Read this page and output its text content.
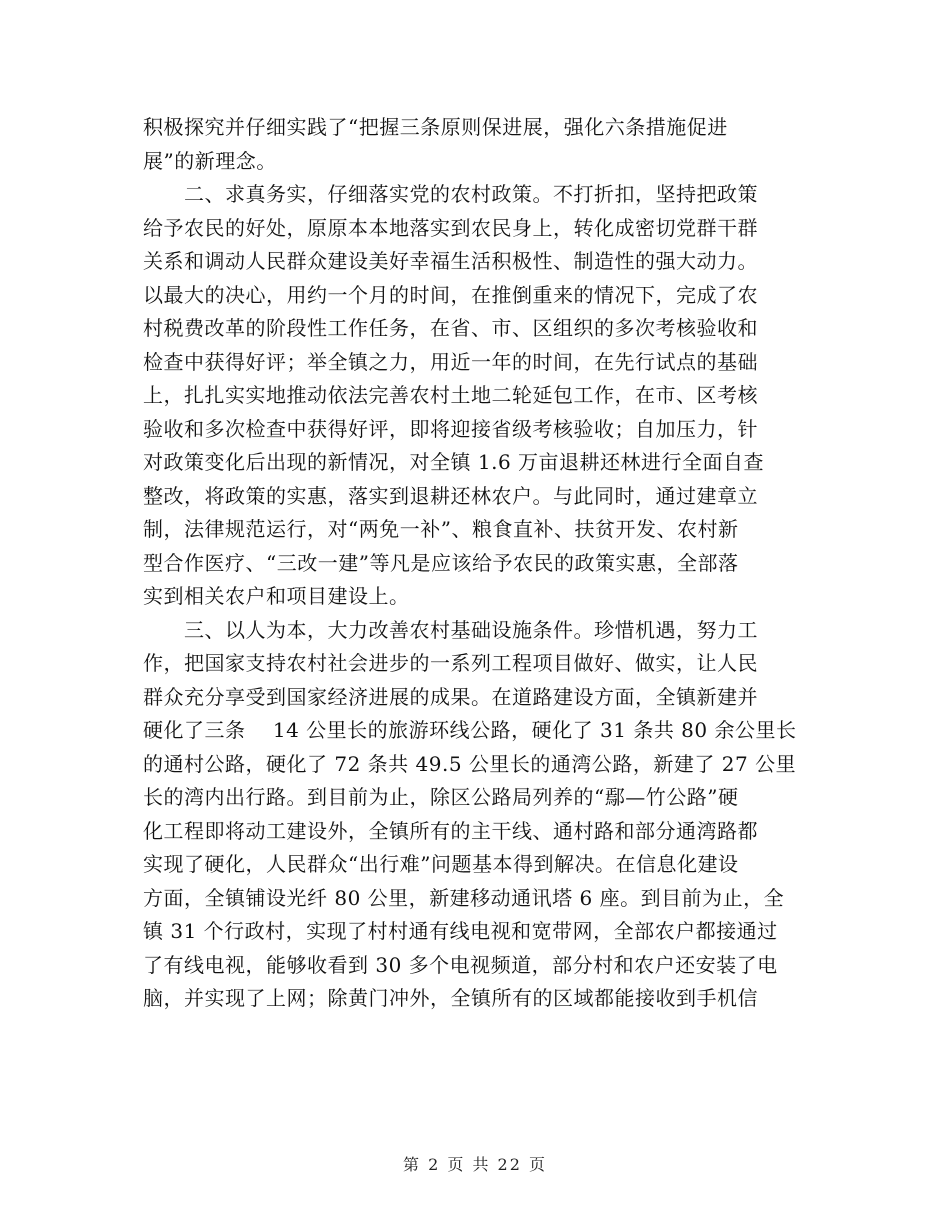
积极探究并仔细实践了“把握三条原则保进展，强化六条措施促进
展”的新理念。
　　二、求真务实，仔细落实党的农村政策。不打折扣，坚持把政策
给予农民的好处，原原本本地落实到农民身上，转化成密切党群干群
关系和调动人民群众建设美好幸福生活积极性、制造性的强大动力。
以最大的决心，用约一个月的时间，在推倒重来的情况下，完成了农
村税费改革的阶段性工作任务，在省、市、区组织的多次考核验收和
检查中获得好评；举全镇之力，用近一年的时间，在先行试点的基础
上，扎扎实实地推动依法完善农村土地二轮延包工作，在市、区考核
验收和多次检查中获得好评，即将迎接省级考核验收；自加压力，针
对政策变化后出现的新情况，对全镇 1.6 万亩退耕还林进行全面自查
整改，将政策的实惠，落实到退耕还林农户。与此同时，通过建章立
制，法律规范运行，对“两免一补”、粮食直补、扶贫开发、农村新
型合作医疗、“三改一建”等凡是应该给予农民的政策实惠，全部落
实到相关农户和项目建设上。
　　三、以人为本，大力改善农村基础设施条件。珍惜机遇，努力工
作，把国家支持农村社会进步的一系列工程项目做好、做实，让人民
群众充分享受到国家经济进展的成果。在道路建设方面，全镇新建并
硬化了三条　 14 公里长的旅游环线公路，硬化了 31 条共 80 余公里长
的通村公路，硬化了 72 条共 49.5 公里长的通湾公路，新建了 27 公里
长的湾内出行路。到目前为止，除区公路局列养的“鄢—竹公路”硬
化工程即将动工建设外，全镇所有的主干线、通村路和部分通湾路都
实现了硬化，人民群众“出行难”问题基本得到解决。在信息化建设
方面，全镇铺设光纤 80 公里，新建移动通讯塔 6 座。到目前为止，全
镇 31 个行政村，实现了村村通有线电视和宽带网，全部农户都接通过
了有线电视，能够收看到 30 多个电视频道，部分村和农户还安装了电
脑，并实现了上网；除黄门冲外，全镇所有的区域都能接收到手机信
第 2 页 共 22 页
